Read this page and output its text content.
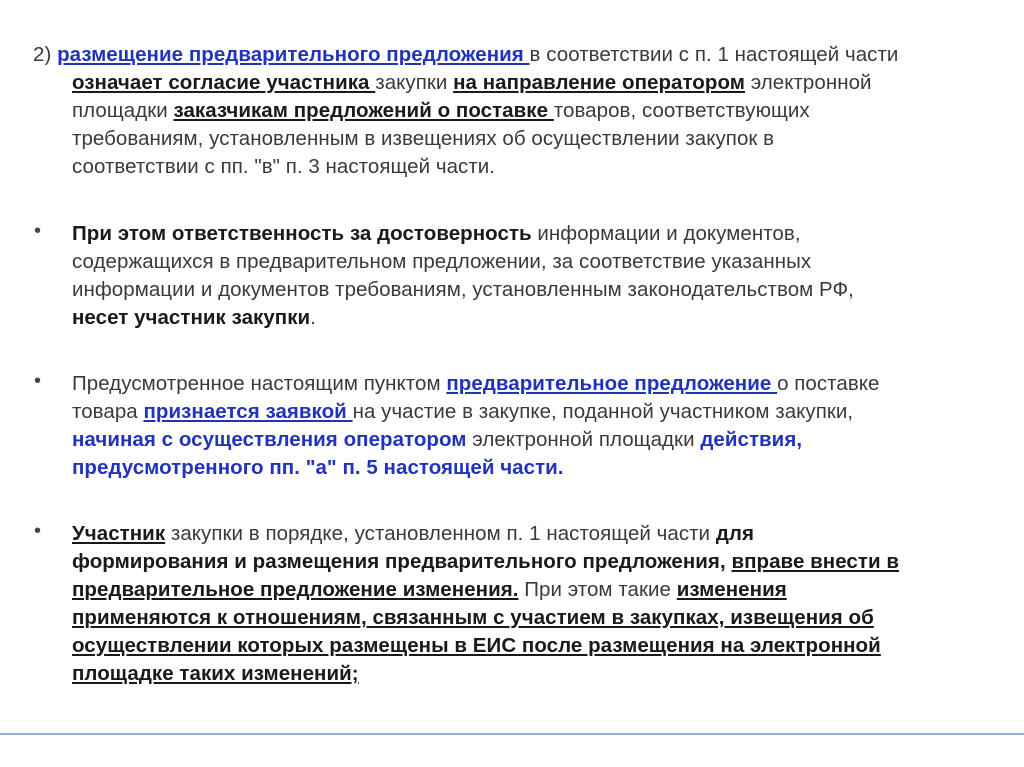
2) размещение предварительного предложения в соответствии с п. 1 настоящей части
означает согласие участника закупки на направление оператором электронной
площадки заказчикам предложений о поставке товаров, соответствующих
требованиям, установленным в извещениях об осуществлении закупок в
соответствии с пп. "в" п. 3 настоящей части.
• При этом ответственность за достоверность информации и документов,
содержащихся в предварительном предложении, за соответствие указанных
информации и документов требованиям, установленным законодательством РФ,
несет участник закупки.
• Предусмотренное настоящим пунктом предварительное предложение о поставке
товара признается заявкой на участие в закупке, поданной участником закупки,
начиная с осуществления оператором электронной площадки действия,
предусмотренного пп. "а" п. 5 настоящей части.
• Участник закупки в порядке, установленном п. 1 настоящей части для
формирования и размещения предварительного предложения, вправе внести в
предварительное предложение изменения. При этом такие изменения
применяются к отношениям, связанным с участием в закупках, извещения об
осуществлении которых размещены в ЕИС после размещения на электронной
площадке таких изменений;
